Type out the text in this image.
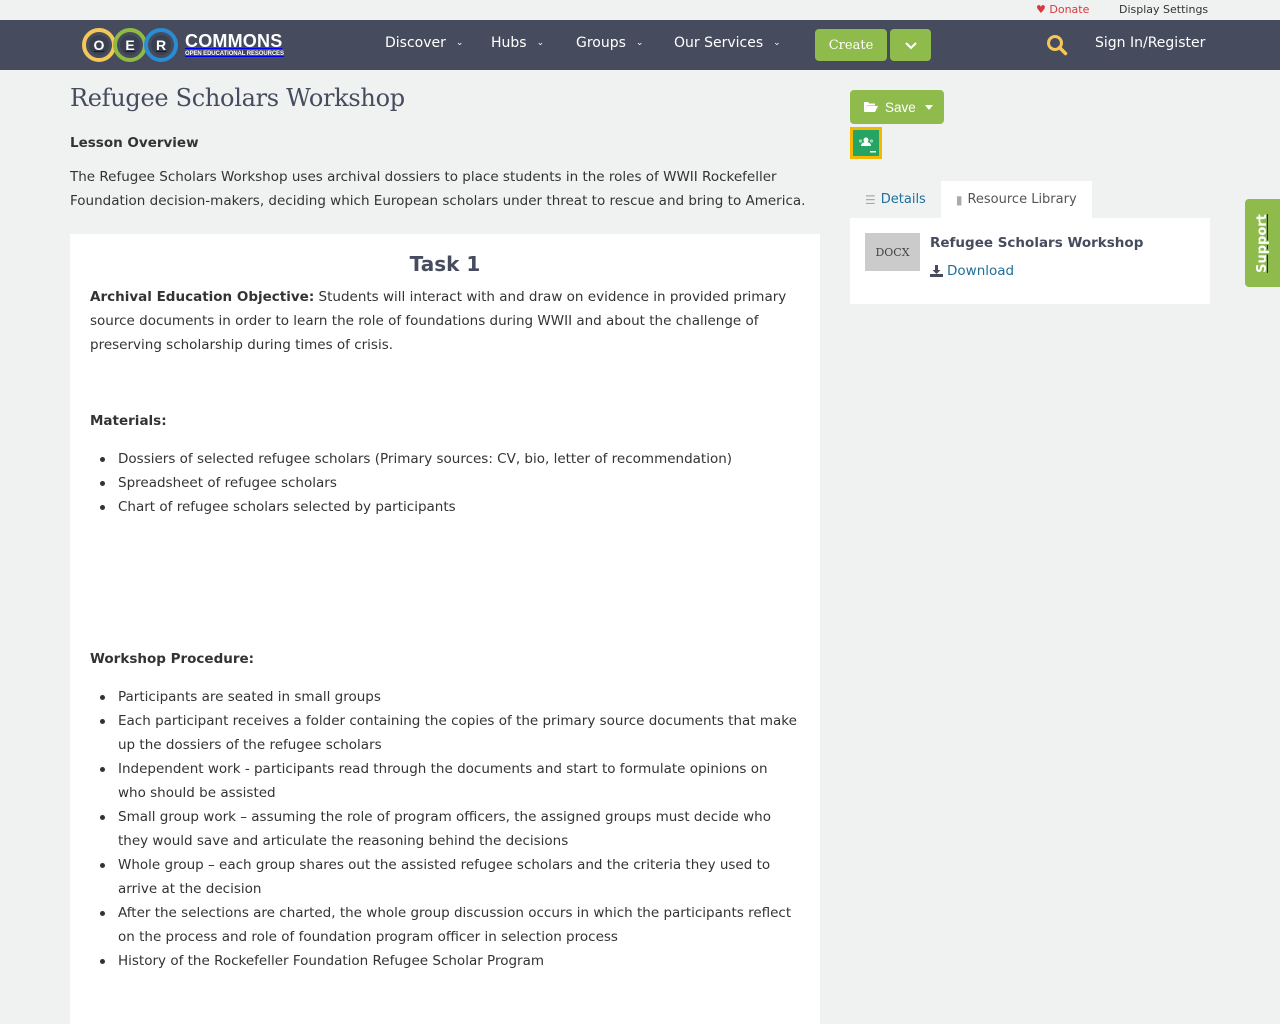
♥ Donate	Display Settings
O	E	R COMMONS
OPEN EDUCATIONAL RESOURCES
Discover ⌄ Hubs ⌄ Groups ⌄ Our Services ⌄	Create	Sign In/Register
Refugee Scholars Workshop
Lesson Overview

The Refugee Scholars Workshop uses archival dossiers to place students in the roles of WWII Rockefeller Foundation decision-makers, deciding which European scholars under threat to rescue and bring to America.

Task 1

Archival Education Objective: Students will interact with and draw on evidence in provided primary source documents in order to learn the role of foundations during WWII and about the challenge of preserving scholarship during times of crisis.

Materials:
Dossiers of selected refugee scholars (Primary sources: CV, bio, letter of recommendation)
Spreadsheet of refugee scholars
Chart of refugee scholars selected by participants
Workshop Procedure:
Participants are seated in small groups
Each participant receives a folder containing the copies of the primary source documents that make up the dossiers of the refugee scholars
Independent work - participants read through the documents and start to formulate opinions on who should be assisted
Small group work – assuming the role of program officers, the assigned groups must decide who they would save and articulate the reasoning behind the decisions
Whole group – each group shares out the assisted refugee scholars and the criteria they used to arrive at the decision
After the selections are charted, the whole group discussion occurs in which the participants reflect on the process and role of foundation program officer in selection process
History of the Rockefeller Foundation Refugee Scholar Program
Save
☰ Details	▮ Resource Library
DOCX
Refugee Scholars Workshop
Download	Support
